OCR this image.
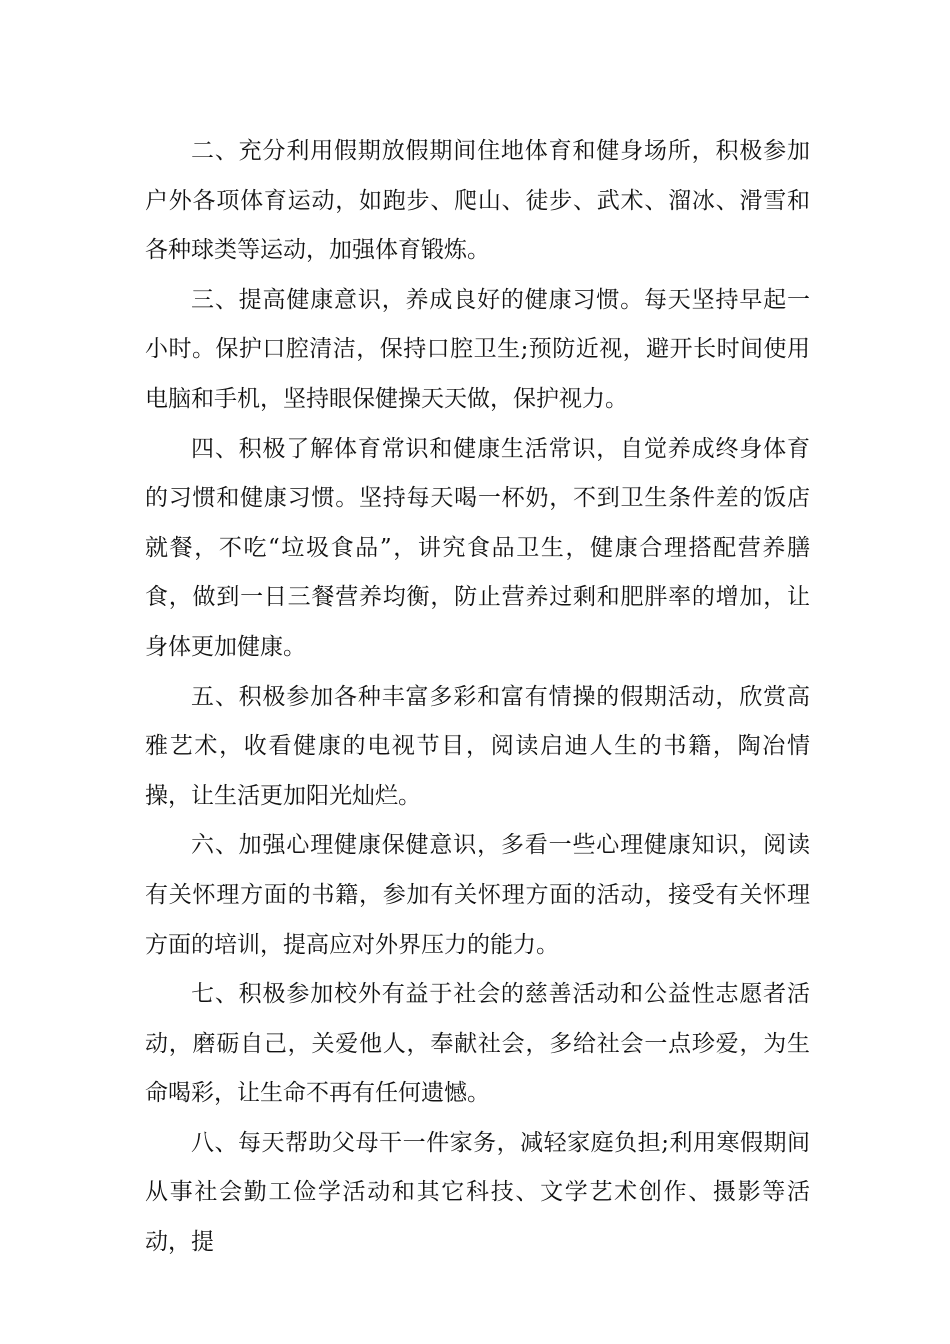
二、充分利用假期放假期间住地体育和健身场所，积极参加户外各项体育运动，如跑步、爬山、徒步、武术、溜冰、滑雪和各种球类等运动，加强体育锻炼。

三、提高健康意识，养成良好的健康习惯。每天坚持早起一小时。保护口腔清洁，保持口腔卫生;预防近视，避开长时间使用电脑和手机，坚持眼保健操天天做，保护视力。

四、积极了解体育常识和健康生活常识，自觉养成终身体育的习惯和健康习惯。坚持每天喝一杯奶，不到卫生条件差的饭店就餐，不吃“垃圾食品”，讲究食品卫生，健康合理搭配营养膳食，做到一日三餐营养均衡，防止营养过剩和肥胖率的增加，让身体更加健康。

五、积极参加各种丰富多彩和富有情操的假期活动，欣赏高雅艺术，收看健康的电视节目，阅读启迪人生的书籍，陶冶情操，让生活更加阳光灿烂。

六、加强心理健康保健意识，多看一些心理健康知识，阅读有关怀理方面的书籍，参加有关怀理方面的活动，接受有关怀理方面的培训，提高应对外界压力的能力。

七、积极参加校外有益于社会的慈善活动和公益性志愿者活动，磨砺自己，关爱他人，奉献社会，多给社会一点珍爱，为生命喝彩，让生命不再有任何遗憾。

八、每天帮助父母干一件家务，减轻家庭负担;利用寒假期间从事社会勤工俭学活动和其它科技、文学艺术创作、摄影等活动，提
